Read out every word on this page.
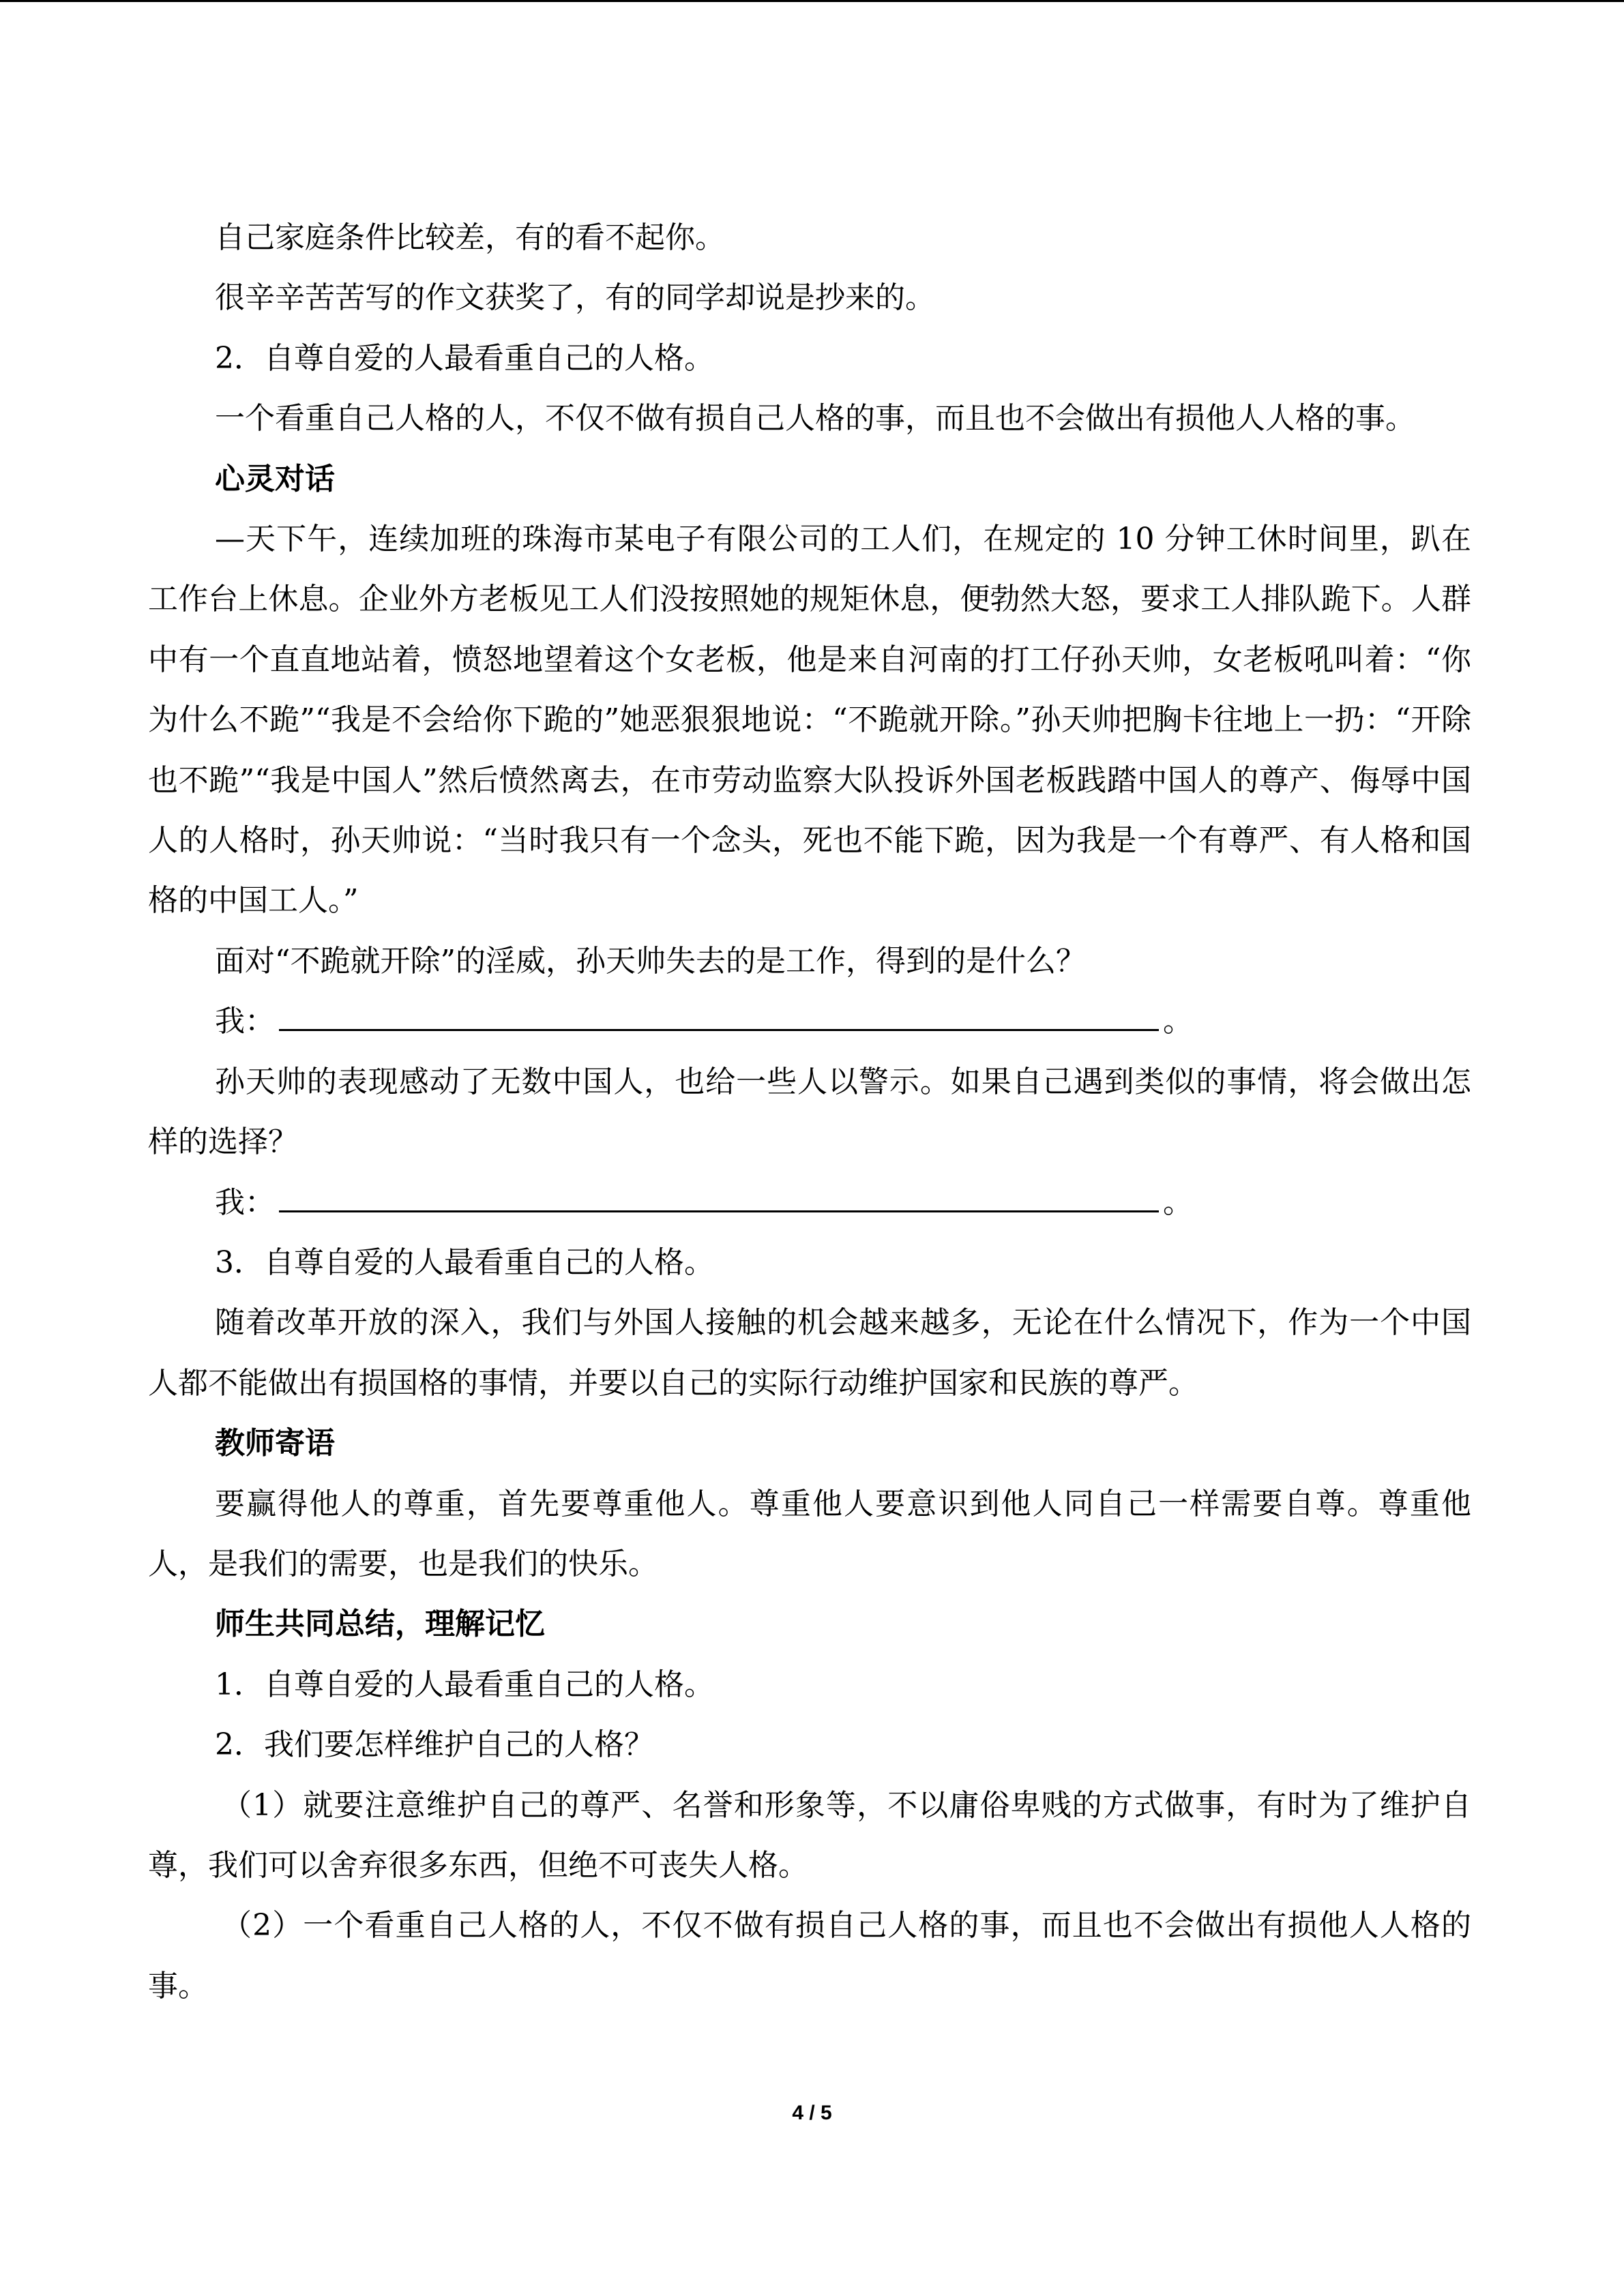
自己家庭条件比较差，有的看不起你。

很辛辛苦苦写的作文获奖了，有的同学却说是抄来的。

2．自尊自爱的人最看重自己的人格。

一个看重自己人格的人，不仅不做有损自己人格的事，而且也不会做出有损他人人格的事。

心灵对话

—天下午，连续加班的珠海市某电子有限公司的工人们，在规定的 10 分钟工休时间里，趴在工作台上休息。企业外方老板见工人们没按照她的规矩休息，便勃然大怒，要求工人排队跪下。人群中有一个直直地站着，愤怒地望着这个女老板，他是来自河南的打工仔孙天帅，女老板吼叫着：“你为什么不跪”“我是不会给你下跪的”她恶狠狠地说：“不跪就开除。”孙天帅把胸卡往地上一扔：“开除也不跪”“我是中国人”然后愤然离去，在市劳动监察大队投诉外国老板践踏中国人的尊产、侮辱中国人的人格时，孙天帅说：“当时我只有一个念头，死也不能下跪，因为我是一个有尊严、有人格和国格的中国工人。”

面对“不跪就开除”的淫威，孙天帅失去的是工作，得到的是什么？

我：	。

孙天帅的表现感动了无数中国人，也给一些人以警示。如果自己遇到类似的事情，将会做出怎样的选择？

我：	。

3．自尊自爱的人最看重自己的人格。

随着改革开放的深入，我们与外国人接触的机会越来越多，无论在什么情况下，作为一个中国人都不能做出有损国格的事情，并要以自己的实际行动维护国家和民族的尊严。

教师寄语

要赢得他人的尊重，首先要尊重他人。尊重他人要意识到他人同自己一样需要自尊。尊重他人，是我们的需要，也是我们的快乐。

师生共同总结，理解记忆

1．自尊自爱的人最看重自己的人格。

2．我们要怎样维护自己的人格？

（1）就要注意维护自己的尊严、名誉和形象等，不以庸俗卑贱的方式做事，有时为了维护自尊，我们可以舍弃很多东西，但绝不可丧失人格。

（2）一个看重自己人格的人，不仅不做有损自己人格的事，而且也不会做出有损他人人格的事。

4 / 5
